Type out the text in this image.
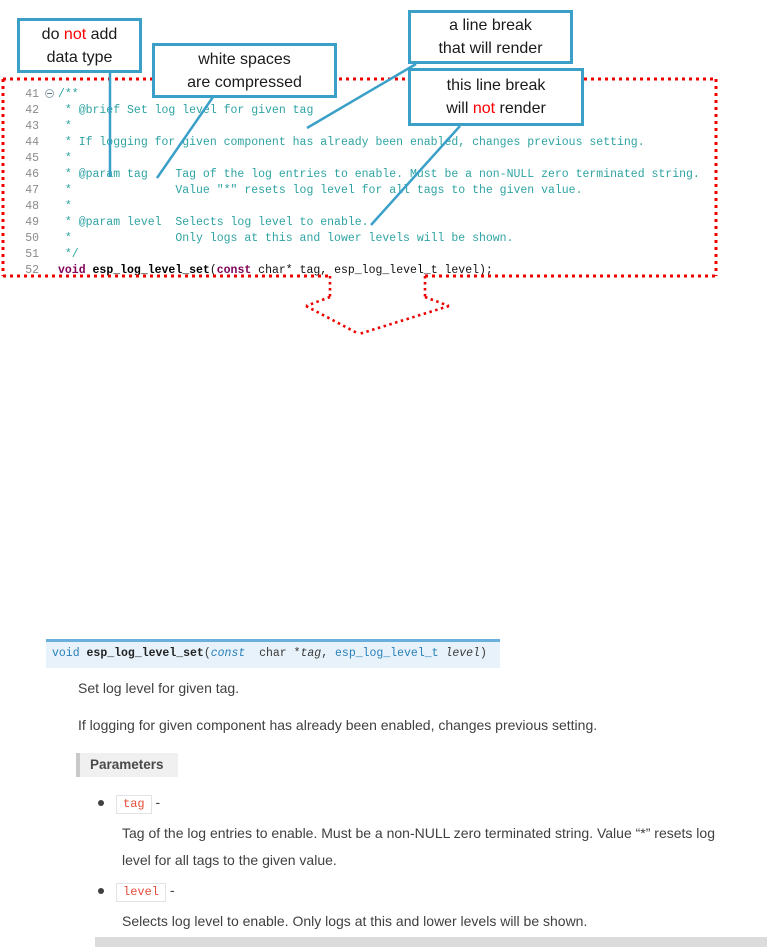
do not add
data type	white spaces
are compressed
a line break
that will render
this line break
will not render
41 /**
42 * @brief Set log level for given tag
43 *
44 * If logging for given component has already been enabled, changes previous setting.
45 *
46 * @param tag    Tag of the log entries to enable. Must be a non-NULL zero terminated string.
47 *               Value "*" resets log level for all tags to the given value.
48 *
49 * @param level  Selects log level to enable.
50 *               Only logs at this and lower levels will be shown.
51 */
52 void esp_log_level_set(const char* tag, esp_log_level_t level);
void esp_log_level_set(const  char *tag, esp_log_level_t level)
Set log level for given tag.
If logging for given component has already been enabled, changes previous setting.
Parameters
tag -
Tag of the log entries to enable. Must be a non-NULL zero terminated string. Value “*” resets log level for all tags to the given value.
level -
Selects log level to enable. Only logs at this and lower levels will be shown.
